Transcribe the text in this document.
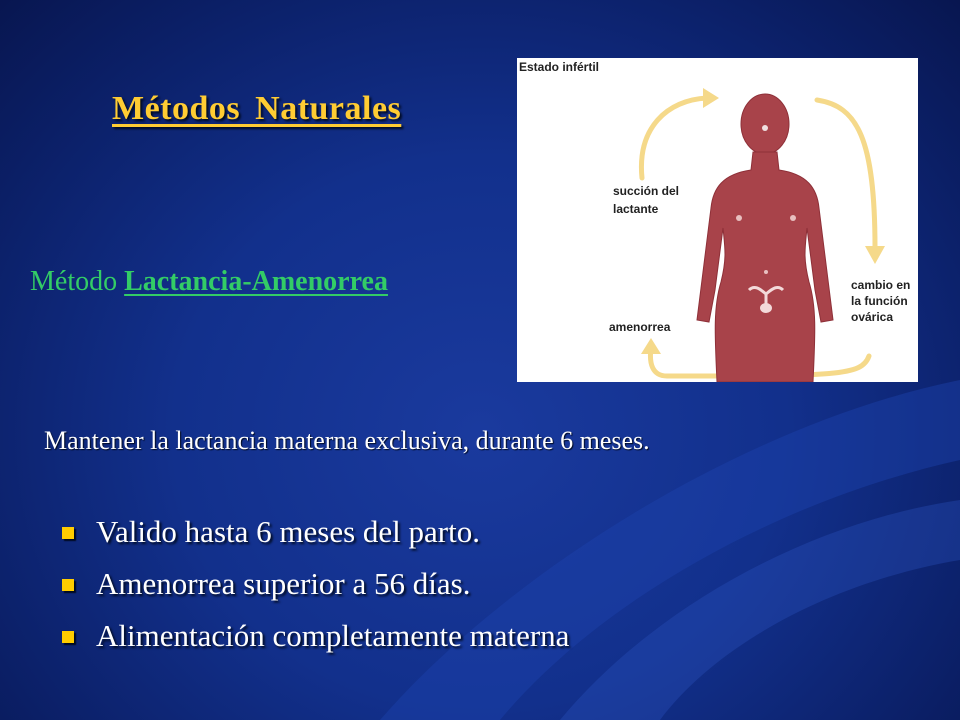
Métodos Naturales
Método Lactancia-Amenorrea
Estado infértil
succión del
lactante
cambio en
la función
ovárica
amenorrea
Mantener la lactancia materna exclusiva, durante 6 meses.
Valido hasta 6 meses del parto.
Amenorrea superior a 56 días.
Alimentación completamente materna
